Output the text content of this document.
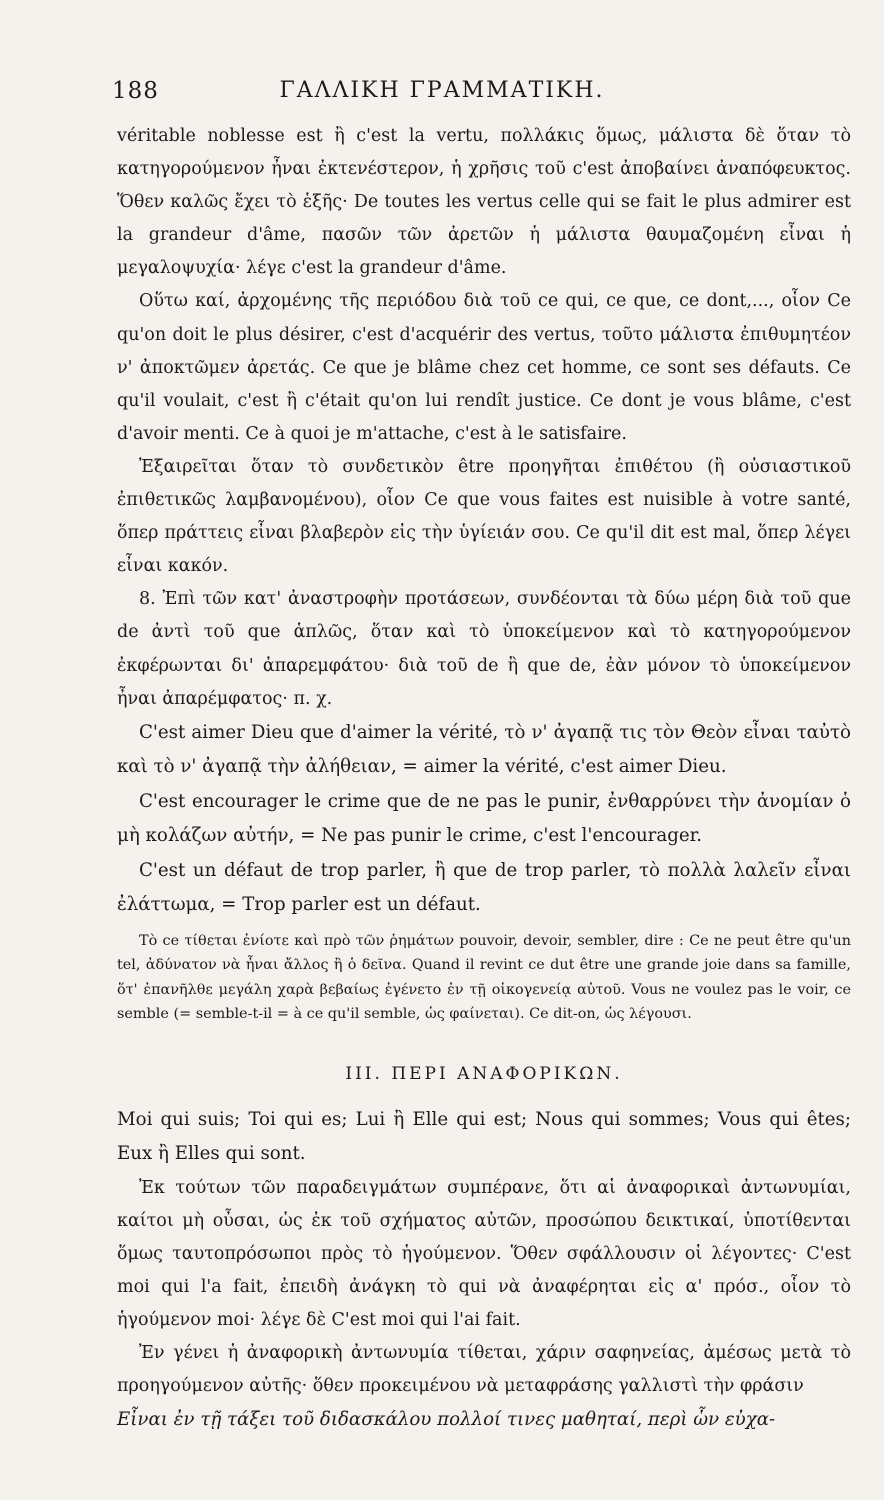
188	ΓΑΛΛΙΚΗ ΓΡΑΜΜΑΤΙΚΗ.

véritable noblesse est ἢ c'est la vertu, πολλάκις ὅμως, μάλιστα δὲ ὅταν τὸ κατηγορούμενον ἦναι ἐκτενέστερον, ἡ χρῆσις τοῦ c'est ἀποβαίνει ἀναπόφευκτος. Ὅθεν καλῶς ἔχει τὸ ἑξῆς· De toutes les vertus celle qui se fait le plus admirer est la grandeur d'âme, πασῶν τῶν ἀρετῶν ἡ μάλιστα θαυμαζομένη εἶναι ἡ μεγαλοψυχία· λέγε c'est la grandeur d'âme.

Οὕτω καί, ἀρχομένης τῆς περιόδου διὰ τοῦ ce qui, ce que, ce dont,..., οἷον Ce qu'on doit le plus désirer, c'est d'acquérir des vertus, τοῦτο μάλιστα ἐπιθυμητέον ν' ἀποκτῶμεν ἀρετάς. Ce que je blâme chez cet homme, ce sont ses défauts. Ce qu'il voulait, c'est ἢ c'était qu'on lui rendît justice. Ce dont je vous blâme, c'est d'avoir menti. Ce à quoi je m'attache, c'est à le satisfaire.

Ἐξαιρεῖται ὅταν τὸ συνδετικὸν être προηγῆται ἐπιθέτου (ἢ οὐσιαστικοῦ ἐπιθετικῶς λαμβανομένου), οἷον Ce que vous faites est nuisible à votre santé, ὅπερ πράττεις εἶναι βλαβερὸν εἰς τὴν ὑγίειάν σου. Ce qu'il dit est mal, ὅπερ λέγει εἶναι κακόν.

8. Ἐπὶ τῶν κατ' ἀναστροφὴν προτάσεων, συνδέονται τὰ δύω μέρη διὰ τοῦ que de ἀντὶ τοῦ que ἁπλῶς, ὅταν καὶ τὸ ὑποκείμενον καὶ τὸ κατηγορούμενον ἐκφέρωνται δι' ἀπαρεμφάτου· διὰ τοῦ de ἢ que de, ἐὰν μόνον τὸ ὑποκείμενον ἦναι ἀπαρέμφατος· π. χ.

C'est aimer Dieu que d'aimer la vérité, τὸ ν' ἀγαπᾷ τις τὸν Θεὸν εἶναι ταὐτὸ καὶ τὸ ν' ἀγαπᾷ τὴν ἀλήθειαν, = aimer la vérité, c'est aimer Dieu.

C'est encourager le crime que de ne pas le punir, ἐνθαρρύνει τὴν ἀνομίαν ὁ μὴ κολάζων αὐτήν, = Ne pas punir le crime, c'est l'encourager.

C'est un défaut de trop parler, ἢ que de trop parler, τὸ πολλὰ λαλεῖν εἶναι ἐλάττωμα, = Trop parler est un défaut.

Τὸ ce τίθεται ἐνίοτε καὶ πρὸ τῶν ῥημάτων pouvoir, devoir, sembler, dire : Ce ne peut être qu'un tel, ἀδύνατον νὰ ἦναι ἄλλος ἢ ὁ δεῖνα. Quand il revint ce dut être une grande joie dans sa famille, ὅτ' ἐπανῆλθε μεγάλη χαρὰ βεβαίως ἐγένετο ἐν τῇ οἰκογενείᾳ αὐτοῦ. Vous ne voulez pas le voir, ce semble (= semble-t-il = à ce qu'il semble, ὡς φαίνεται). Ce dit-on, ὡς λέγουσι.

III. ΠΕΡΙ ΑΝΑΦΟΡΙΚΩΝ.

Moi qui suis; Toi qui es; Lui ἢ Elle qui est; Nous qui sommes; Vous qui êtes; Eux ἢ Elles qui sont.

Ἐκ τούτων τῶν παραδειγμάτων συμπέρανε, ὅτι αἱ ἀναφορικαὶ ἀντωνυμίαι, καίτοι μὴ οὖσαι, ὡς ἐκ τοῦ σχήματος αὐτῶν, προσώπου δεικτικαί, ὑποτίθενται ὅμως ταυτοπρόσωποι πρὸς τὸ ἡγούμενον. Ὅθεν σφάλλουσιν οἱ λέγοντες· C'est moi qui l'a fait, ἐπειδὴ ἀνάγκη τὸ qui νὰ ἀναφέρηται εἰς α' πρόσ., οἷον τὸ ἡγούμενον moi· λέγε δὲ C'est moi qui l'ai fait.

Ἐν γένει ἡ ἀναφορικὴ ἀντωνυμία τίθεται, χάριν σαφηνείας, ἀμέσως μετὰ τὸ προηγούμενον αὐτῆς· ὅθεν προκειμένου νὰ μεταφράσης γαλλιστὶ τὴν φράσιν

Εἶναι ἐν τῇ τάξει τοῦ διδασκάλου πολλοί τινες μαθηταί, περὶ ὧν εὐχα-
